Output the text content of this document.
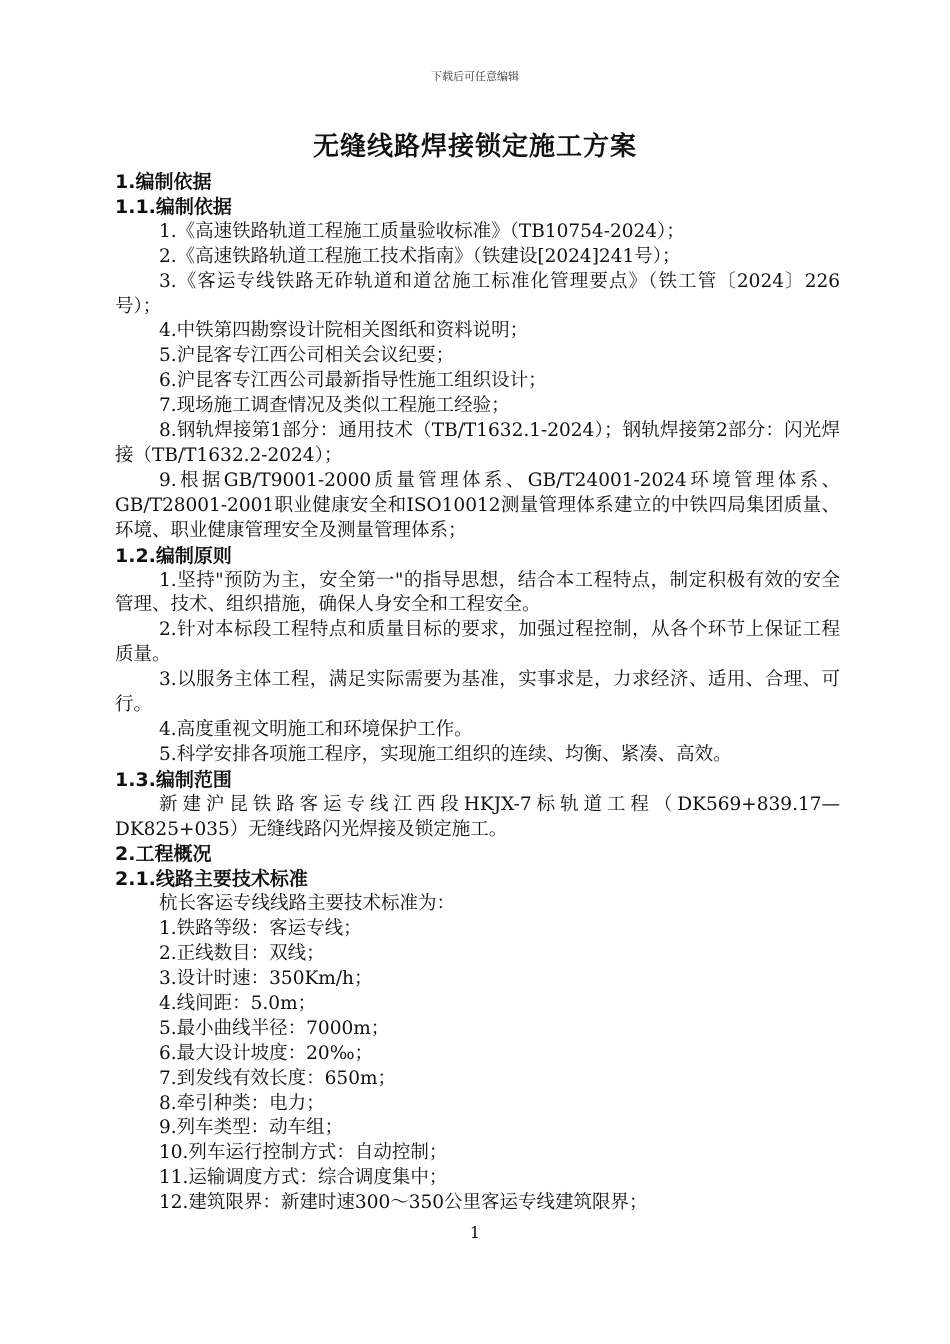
下载后可任意编辑
无缝线路焊接锁定施工方案
1.编制依据
1.1.编制依据
1.《高速铁路轨道工程施工质量验收标准》（TB10754-2024）；
2.《高速铁路轨道工程施工技术指南》（铁建设[2024]241号）；
3.《客运专线铁路无砟轨道和道岔施工标准化管理要点》（铁工管〔2024〕226号）；
4.中铁第四勘察设计院相关图纸和资料说明；
5.沪昆客专江西公司相关会议纪要；
6.沪昆客专江西公司最新指导性施工组织设计；
7.现场施工调查情况及类似工程施工经验；
8.钢轨焊接第1部分：通用技术（TB/T1632.1-2024）；钢轨焊接第2部分：闪光焊接（TB/T1632.2-2024）；
9.根据GB/T9001-2000质量管理体系、GB/T24001-2024环境管理体系、GB/T28001-2001职业健康安全和ISO10012测量管理体系建立的中铁四局集团质量、环境、职业健康管理安全及测量管理体系；
1.2.编制原则
1.坚持"预防为主，安全第一"的指导思想，结合本工程特点，制定积极有效的安全管理、技术、组织措施，确保人身安全和工程安全。
2.针对本标段工程特点和质量目标的要求，加强过程控制，从各个环节上保证工程质量。
3.以服务主体工程，满足实际需要为基准，实事求是，力求经济、适用、合理、可行。
4.高度重视文明施工和环境保护工作。
5.科学安排各项施工程序，实现施工组织的连续、均衡、紧凑、高效。
1.3.编制范围
新建沪昆铁路客运专线江西段HKJX-7标轨道工程（DK569+839.17—DK825+035）无缝线路闪光焊接及锁定施工。
2.工程概况
2.1.线路主要技术标准
杭长客运专线线路主要技术标准为：
1.铁路等级：客运专线；
2.正线数目：双线；
3.设计时速：350Km/h；
4.线间距：5.0m；
5.最小曲线半径：7000m；
6.最大设计坡度：20‰；
7.到发线有效长度：650m；
8.牵引种类：电力；
9.列车类型：动车组；
10.列车运行控制方式：自动控制；
11.运输调度方式：综合调度集中；
12.建筑限界：新建时速300～350公里客运专线建筑限界；
1
